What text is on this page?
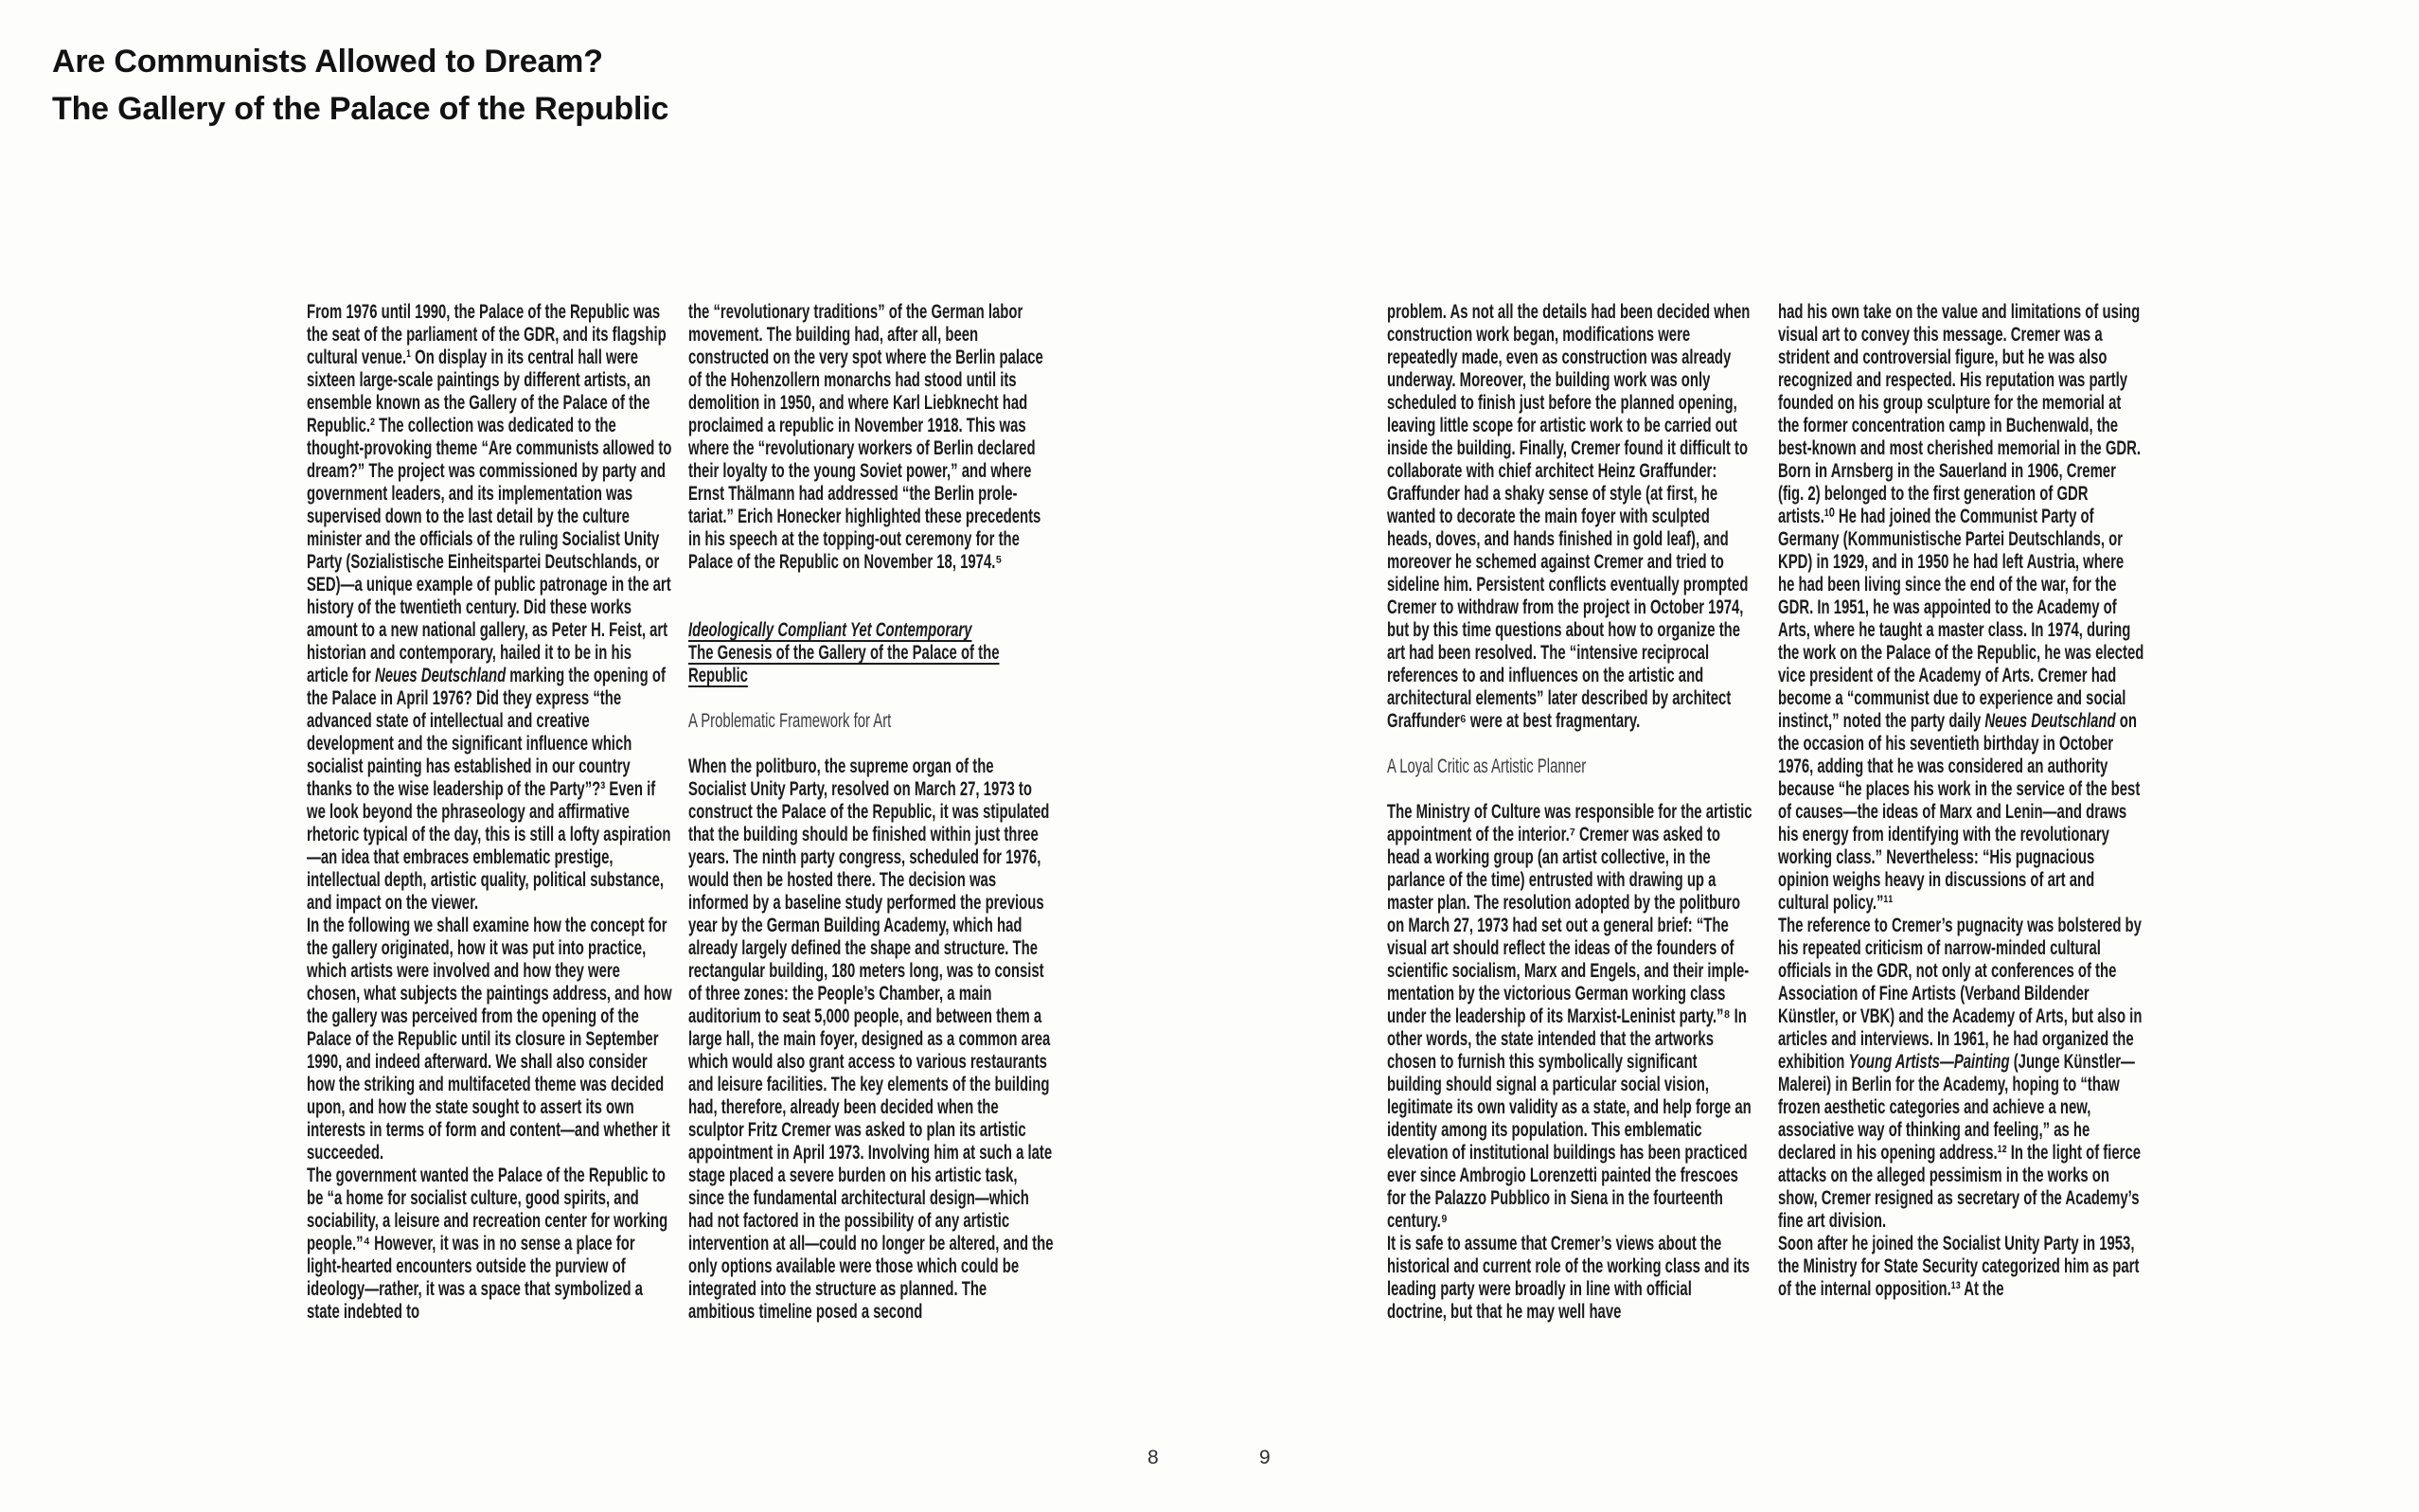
Are Communists Allowed to Dream?
The Gallery of the Palace of the Republic

From 1976 until 1990, the Palace of the Republic was the seat of the parliament of the GDR, and its flagship cultural venue.¹ On display in its central hall were sixteen large-scale paintings by different artists, an ensemble known as the Gallery of the Palace of the Republic.² The collection was dedicated to the thought-provoking theme “Are communists allowed to dream?” The project was commissioned by party and government leaders, and its implementation was supervised down to the last detail by the culture minister and the officials of the ruling Socialist Unity Party (Sozialistische Einheitspartei Deutschlands, or SED)—a unique example of public patronage in the art history of the twentieth century. Did these works amount to a new national gallery, as Peter H. Feist, art historian and contemporary, hailed it to be in his article for Neues Deutschland marking the opening of the Palace in April 1976? Did they express “the advanced state of intellectual and creative development and the significant influence which socialist painting has established in our country thanks to the wise leadership of the Party”?³ Even if we look beyond the phraseology and affirmative rhetoric typical of the day, this is still a lofty aspiration—an idea that embraces emblematic prestige, intellectual depth, artistic quality, political substance, and impact on the viewer.

In the following we shall examine how the concept for the gallery originated, how it was put into practice, which artists were involved and how they were chosen, what subjects the paintings address, and how the gallery was perceived from the opening of the Palace of the Republic until its closure in September 1990, and indeed afterward. We shall also consider how the striking and multifaceted theme was decided upon, and how the state sought to assert its own interests in terms of form and content—and whether it succeeded.

The government wanted the Palace of the Republic to be “a home for socialist culture, good spirits, and sociability, a leisure and recreation center for working people.”⁴ However, it was in no sense a place for light-hearted encounters outside the purview of ideology—rather, it was a space that symbolized a state indebted to

the “revolutionary traditions” of the German labor movement. The building had, after all, been constructed on the very spot where the Berlin palace of the Hohenzollern monarchs had stood until its demolition in 1950, and where Karl Liebknecht had proclaimed a republic in November 1918. This was where the “revolutionary workers of Berlin declared their loyalty to the young Soviet power,” and where Ernst Thälmann had addressed “the Berlin proletariat.” Erich Honecker highlighted these precedents in his speech at the topping-out ceremony for the Palace of the Republic on November 18, 1974.⁵

Ideologically Compliant Yet Contemporary
The Genesis of the Gallery of the Palace of the Republic

A Problematic Framework for Art

When the politburo, the supreme organ of the Socialist Unity Party, resolved on March 27, 1973 to construct the Palace of the Republic, it was stipulated that the building should be finished within just three years. The ninth party congress, scheduled for 1976, would then be hosted there. The decision was informed by a baseline study performed the previous year by the German Building Academy, which had already largely defined the shape and structure. The rectangular building, 180 meters long, was to consist of three zones: the People’s Chamber, a main auditorium to seat 5,000 people, and between them a large hall, the main foyer, designed as a common area which would also grant access to various restaurants and leisure facilities. The key elements of the building had, therefore, already been decided when the sculptor Fritz Cremer was asked to plan its artistic appointment in April 1973. Involving him at such a late stage placed a severe burden on his artistic task, since the fundamental architectural design—which had not factored in the possibility of any artistic intervention at all—could no longer be altered, and the only options available were those which could be integrated into the structure as planned. The ambitious timeline posed a second

problem. As not all the details had been decided when construction work began, modifications were repeatedly made, even as construction was already underway. Moreover, the building work was only scheduled to finish just before the planned opening, leaving little scope for artistic work to be carried out inside the building. Finally, Cremer found it difficult to collaborate with chief architect Heinz Graffunder: Graffunder had a shaky sense of style (at first, he wanted to decorate the main foyer with sculpted heads, doves, and hands finished in gold leaf), and moreover he schemed against Cremer and tried to sideline him. Persistent conflicts eventually prompted Cremer to withdraw from the project in October 1974, but by this time questions about how to organize the art had been resolved. The “intensive reciprocal references to and influences on the artistic and architectural elements” later described by architect Graffunder⁶ were at best fragmentary.

A Loyal Critic as Artistic Planner

The Ministry of Culture was responsible for the artistic appointment of the interior.⁷ Cremer was asked to head a working group (an artist collective, in the parlance of the time) entrusted with drawing up a master plan. The resolution adopted by the politburo on March 27, 1973 had set out a general brief: “The visual art should reflect the ideas of the founders of scientific socialism, Marx and Engels, and their implementation by the victorious German working class under the leadership of its Marxist-Leninist party.”⁸ In other words, the state intended that the artworks chosen to furnish this symbolically significant building should signal a particular social vision, legitimate its own validity as a state, and help forge an identity among its population. This emblematic elevation of institutional buildings has been practiced ever since Ambrogio Lorenzetti painted the frescoes for the Palazzo Pubblico in Siena in the fourteenth century.⁹

It is safe to assume that Cremer’s views about the historical and current role of the working class and its leading party were broadly in line with official doctrine, but that he may well have

had his own take on the value and limitations of using visual art to convey this message. Cremer was a strident and controversial figure, but he was also recognized and respected. His reputation was partly founded on his group sculpture for the memorial at the former concentration camp in Buchenwald, the best-known and most cherished memorial in the GDR.

Born in Arnsberg in the Sauerland in 1906, Cremer (fig. 2) belonged to the first generation of GDR artists.¹⁰ He had joined the Communist Party of Germany (Kommunistische Partei Deutschlands, or KPD) in 1929, and in 1950 he had left Austria, where he had been living since the end of the war, for the GDR. In 1951, he was appointed to the Academy of Arts, where he taught a master class. In 1974, during the work on the Palace of the Republic, he was elected vice president of the Academy of Arts. Cremer had become a “communist due to experience and social instinct,” noted the party daily Neues Deutschland on the occasion of his seventieth birthday in October 1976, adding that he was considered an authority because “he places his work in the service of the best of causes—the ideas of Marx and Lenin—and draws his energy from identifying with the revolutionary working class.” Nevertheless: “His pugnacious opinion weighs heavy in discussions of art and cultural policy.”¹¹

The reference to Cremer’s pugnacity was bolstered by his repeated criticism of narrow-minded cultural officials in the GDR, not only at conferences of the Association of Fine Artists (Verband Bildender Künstler, or VBK) and the Academy of Arts, but also in articles and interviews. In 1961, he had organized the exhibition Young Artists—Painting (Junge Künstler—Malerei) in Berlin for the Academy, hoping to “thaw frozen aesthetic categories and achieve a new, associative way of thinking and feeling,” as he declared in his opening address.¹² In the light of fierce attacks on the alleged pessimism in the works on show, Cremer resigned as secretary of the Academy’s fine art division.

Soon after he joined the Socialist Unity Party in 1953, the Ministry for State Security categorized him as part of the internal opposition.¹³ At the

8	9
